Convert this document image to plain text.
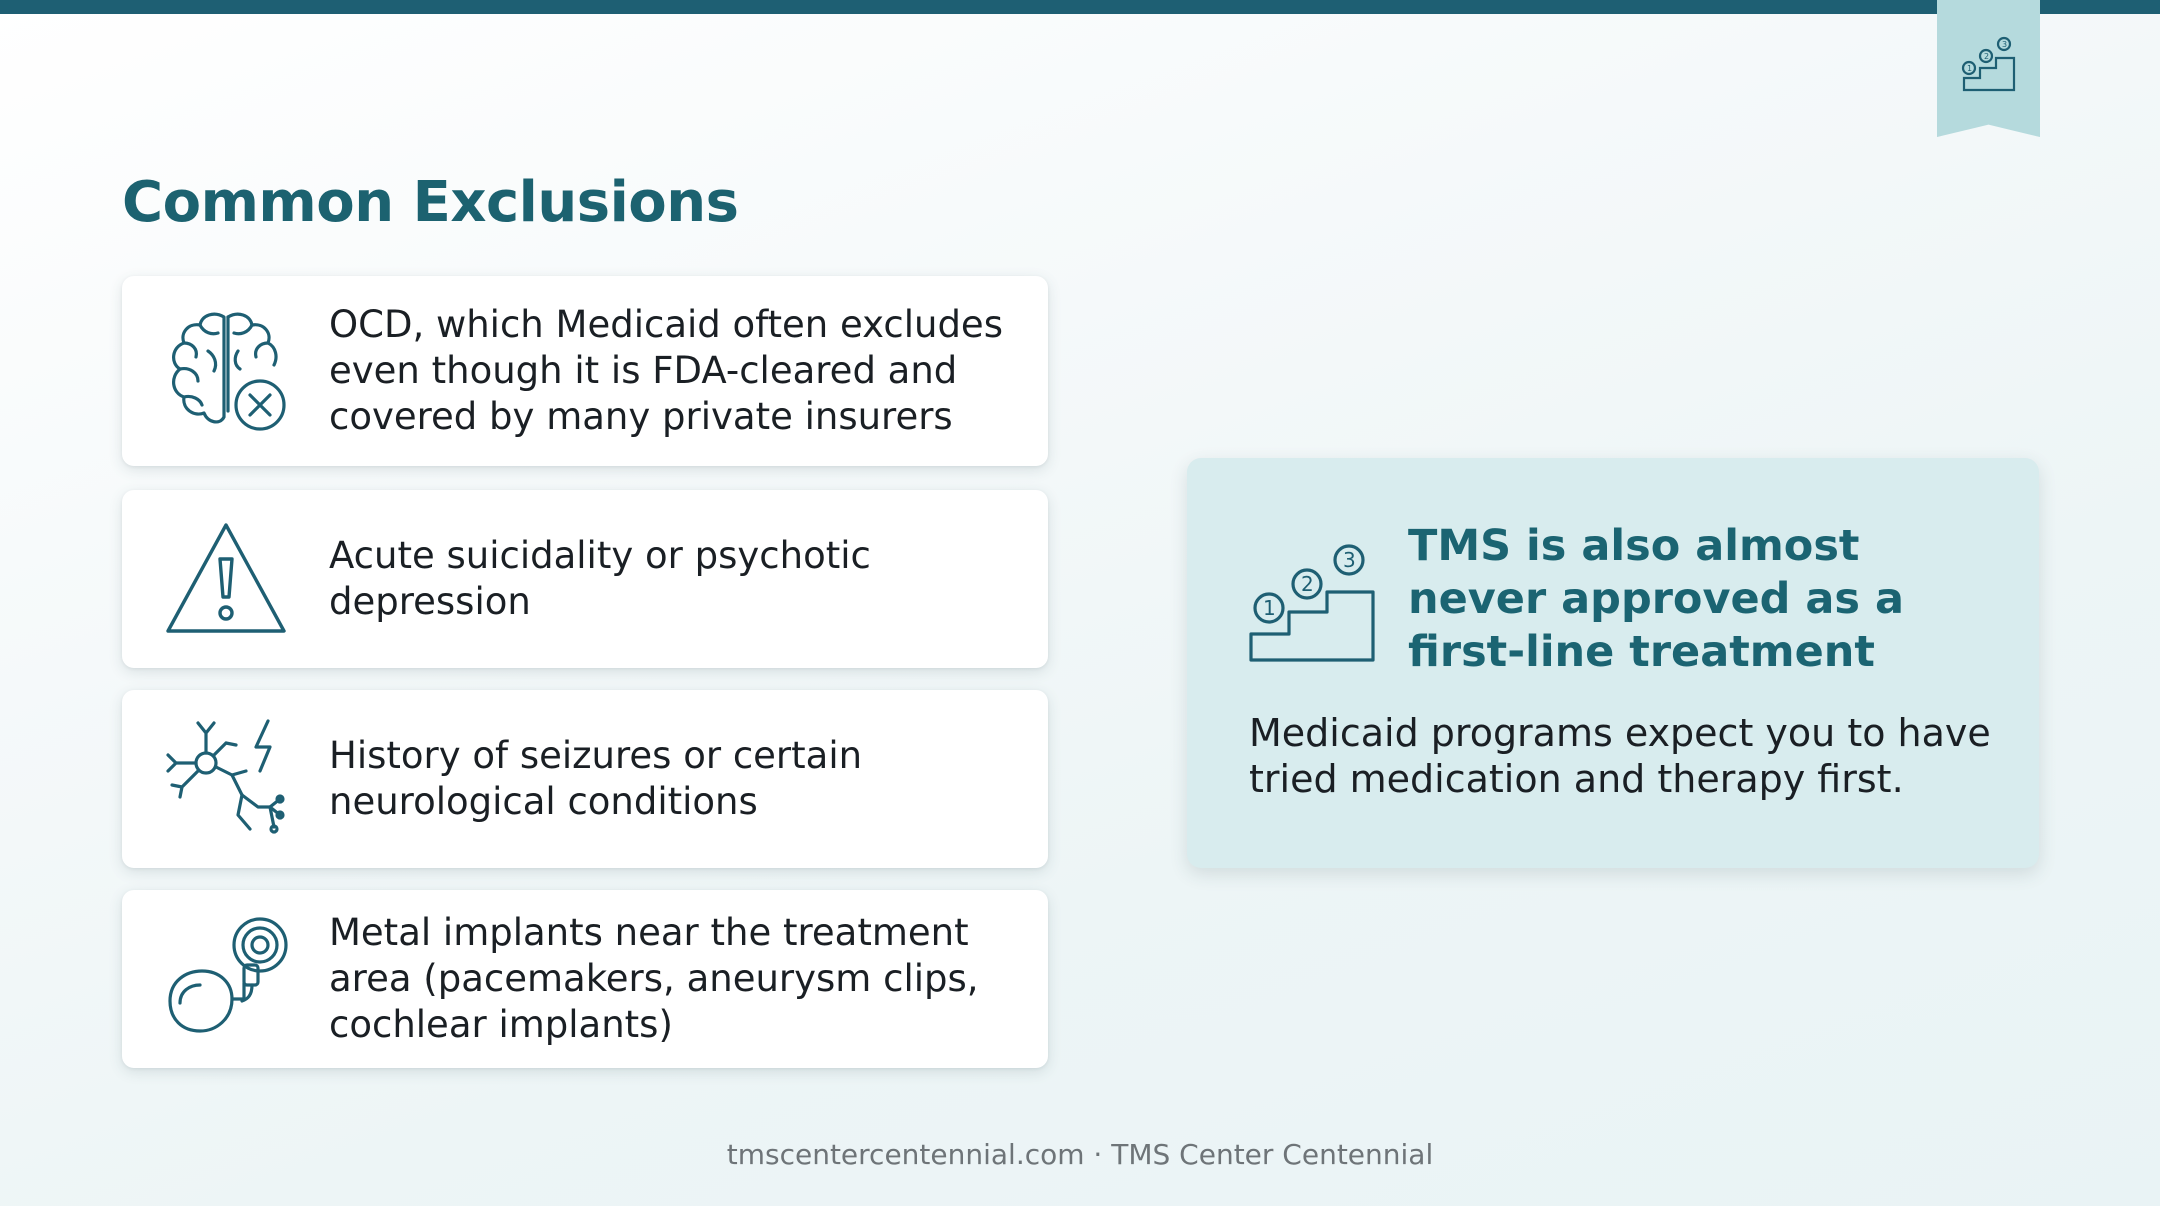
1
2
3
Common Exclusions
OCD, which Medicaid often excludes even though it is FDA-cleared and covered by many private insurers
Acute suicidality or psychotic depression
History of seizures or certain neurological conditions
Metal implants near the treatment area (pacemakers, aneurysm clips, cochlear implants)
1
2
3 TMS is also almost never approved as a first-line treatment
Medicaid programs expect you to have tried medication and therapy first.
tmscentercentennial.com · TMS Center Centennial
